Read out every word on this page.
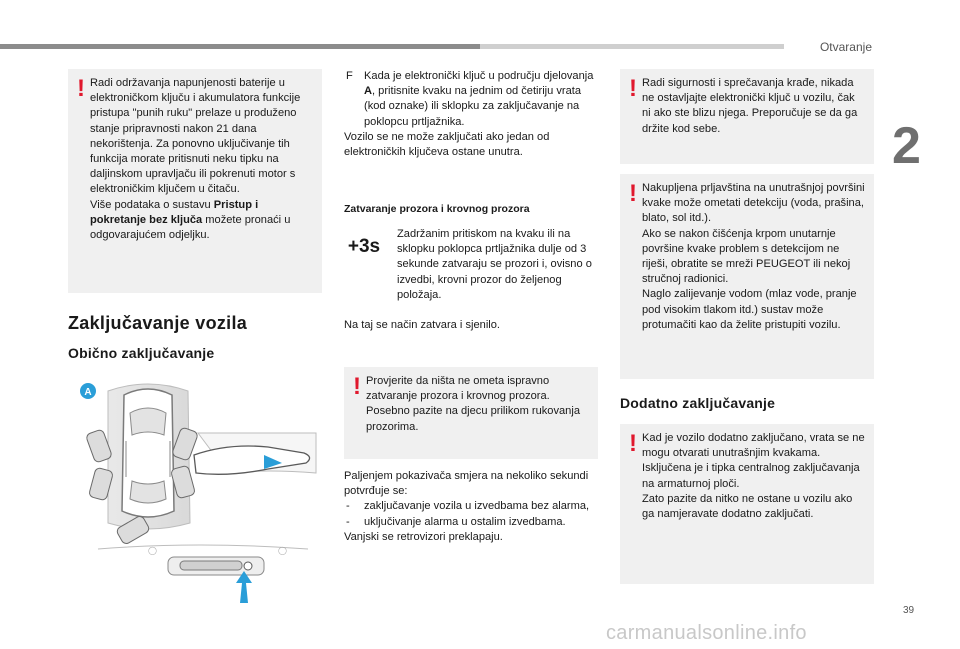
Otvaranje
2
! Radi održavanja napunjenosti baterije u elektroničkom ključu i akumulatora funkcije pristupa "punih ruku" prelaze u produženo stanje pripravnosti nakon 21 dana nekorištenja. Za ponovno uključivanje tih funkcija morate pritisnuti neku tipku na daljinskom upravljaču ili pokrenuti motor s elektroničkim ključem u čitaču.
Više podataka o sustavu Pristup i pokretanje bez ključa možete pronaći u odgovarajućem odjeljku.

Zaključavanje vozila
Obično zaključavanje
A
◯	◯
F Kada je elektronički ključ u području djelovanja A, pritisnite kvaku na jednim od četiriju vrata (kod oznake) ili sklopku za zaključavanje na poklopcu prtljažnika.

Vozilo se ne može zaključati ako jedan od elektroničkih ključeva ostane unutra.

Zatvaranje prozora i krovnog prozora
+3s

Zadržanim pritiskom na kvaku ili na sklopku poklopca prtljažnika dulje od 3 sekunde zatvaraju se prozori i, ovisno o izvedbi, krovni prozor do željenog položaja.

Na taj se način zatvara i sjenilo.

! Provjerite da ništa ne ometa ispravno zatvaranje prozora i krovnog prozora. Posebno pazite na djecu prilikom rukovanja prozorima.

Paljenjem pokazivača smjera na nekoliko sekundi potvrđuje se:
- zaključavanje vozila u izvedbama bez alarma,
- uključivanje alarma u ostalim izvedbama.
Vanjski se retrovizori preklapaju.
! Radi sigurnosti i sprečavanja krađe, nikada ne ostavljajte elektronički ključ u vozilu, čak ni ako ste blizu njega. Preporučuje se da ga držite kod sebe.

! Nakupljena prljavština na unutrašnjoj površini kvake može ometati detekciju (voda, prašina, blato, sol itd.).
Ako se nakon čišćenja krpom unutarnje površine kvake problem s detekcijom ne riješi, obratite se mreži PEUGEOT ili nekoj stručnoj radionici.
Naglo zalijevanje vodom (mlaz vode, pranje pod visokim tlakom itd.) sustav može protumačiti kao da želite pristupiti vozilu.

Dodatno zaključavanje
! Kad je vozilo dodatno zaključano, vrata se ne mogu otvarati unutrašnjim kvakama. Isključena je i tipka centralnog zaključavanja na armaturnoj ploči.
Zato pazite da nitko ne ostane u vozilu ako ga namjeravate dodatno zaključati.

39
carmanualsonline.info
